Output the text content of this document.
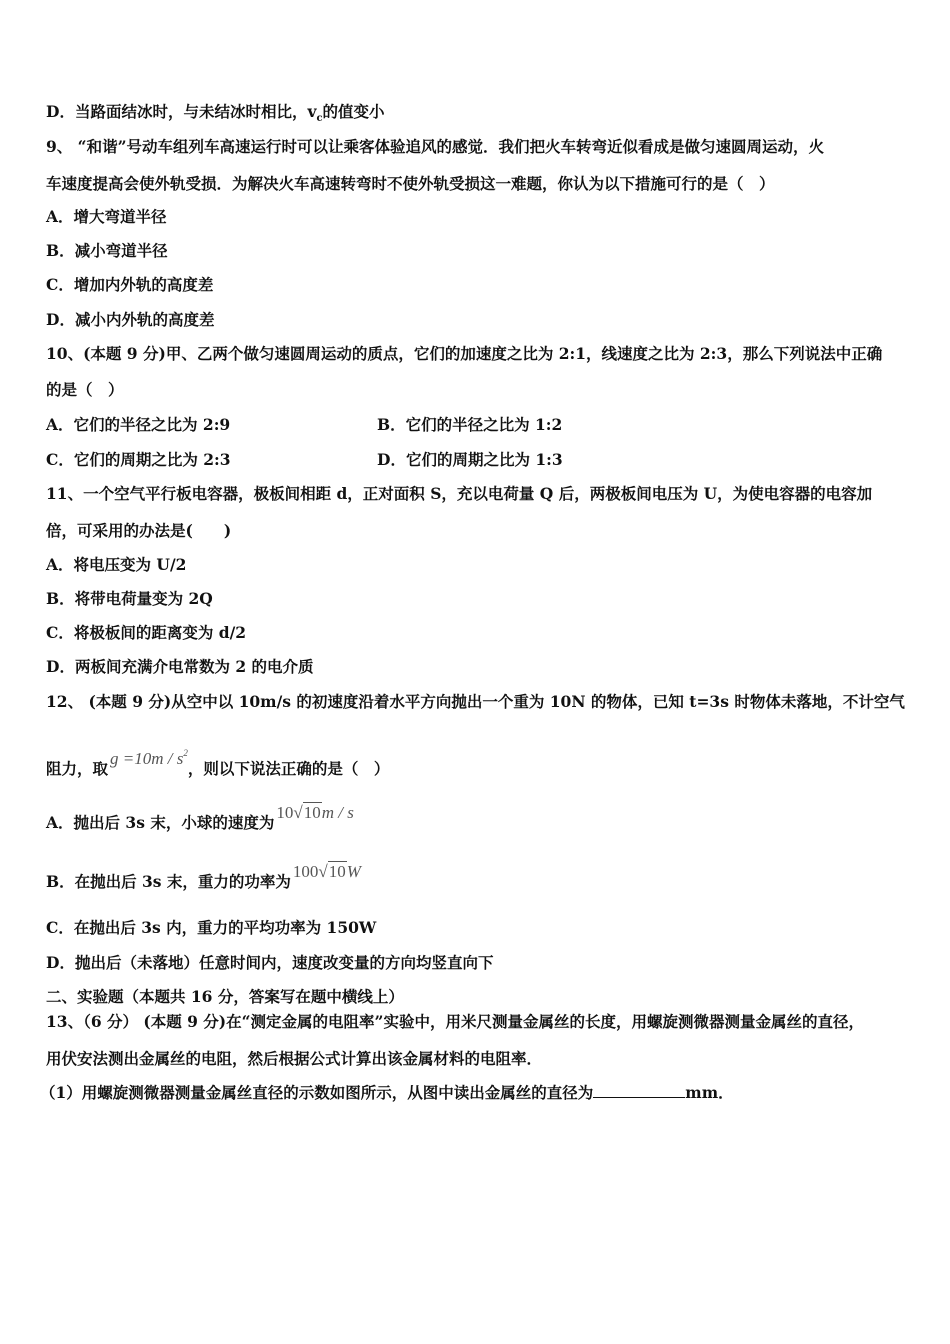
D．当路面结冰时，与未结冰时相比，$v_c$的值变小
9、 “和谐”号动车组列车高速运行时可以让乘客体验追风的感觉．我们把火车转弯近似看成是做匀速圆周运动，火
车速度提高会使外轨受损．为解决火车高速转弯时不使外轨受损这一难题，你认为以下措施可行的是（　）
A．增大弯道半径
B．减小弯道半径
C．增加内外轨的高度差
D．减小内外轨的高度差
10、(本题 9 分)甲、乙两个做匀速圆周运动的质点，它们的加速度之比为 2:1，线速度之比为 2:3，那么下列说法中正确
的是（　）
A．它们的半径之比为 2:9	B．它们的半径之比为 1:2
C．它们的周期之比为 2:3	D．它们的周期之比为 1:3
11、一个空气平行板电容器，极板间相距 d，正对面积 S，充以电荷量 Q 后，两极板间电压为 U，为使电容器的电容加
倍，可采用的办法是(　　)
A．将电压变为 U/2
B．将带电荷量变为 2Q
C．将极板间的距离变为 d/2
D．两板间充满介电常数为 2 的电介质
12、 (本题 9 分)从空中以 10m/s 的初速度沿着水平方向抛出一个重为 10N 的物体，已知 t=3s 时物体未落地，不计空气
阻力，取$g =10m / s^2$，则以下说法正确的是（　）
A．抛出后 3s 末，小球的速度为10√10m / s
B．在抛出后 3s 末，重力的功率为100√10W
C．在抛出后 3s 内，重力的平均功率为 150W
D．抛出后（未落地）任意时间内，速度改变量的方向均竖直向下
二、实验题（本题共 16 分，答案写在题中横线上）
13、（6 分） (本题 9 分)在“测定金属的电阻率”实验中，用米尺测量金属丝的长度，用螺旋测微器测量金属丝的直径，
用伏安法测出金属丝的电阻，然后根据公式计算出该金属材料的电阻率．
（1）用螺旋测微器测量金属丝直径的示数如图所示，从图中读出金属丝的直径为	mm．
